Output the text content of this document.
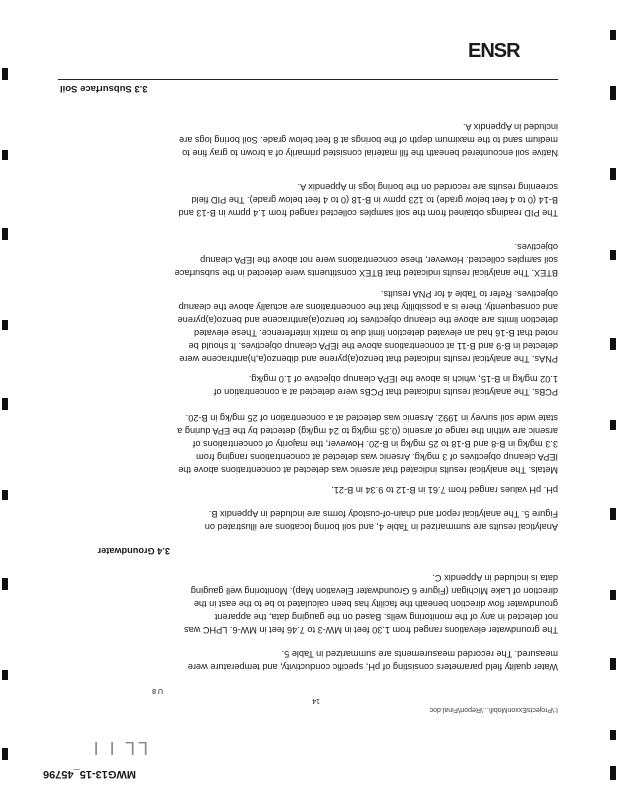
ENSR
3.3 Subsurface Soil
MWG13-15_45796
LL I I
I:\ProjectsExxonMobil\...\Report\Final.doc
14
U 8
Native soil encountered beneath the fill material consisted primarily of a brown to gray fine to
medium sand to the maximum depth of the borings at 8 feet below grade. Soil boring logs are
included in Appendix A.
The PID readings obtained from the soil samples collected ranged from 1.4 ppmv in B-13 and
B-14 (0 to 4 feet below grade) to 123 ppmv in B-18 (0 to 4 feet below grade). The PID field
screening results are recorded on the boring logs in Appendix A.
BTEX. The analytical results indicated that BTEX constituents were detected in the subsurface
soil samples collected. However, these concentrations were not above the IEPA cleanup
objectives.
PNAs. The analytical results indicated that benzo(a)pyrene and dibenzo(a,h)anthracene were
detected in B-9 and B-11 at concentrations above the IEPA cleanup objectives. It should be
noted that B-16 had an elevated detection limit due to matrix interference. These elevated
detection limits are above the cleanup objectives for benzo(a)anthracene and benzo(a)pyrene
and consequently, there is a possibility that the concentrations are actually above the cleanup
objectives. Refer to Table 4 for PNA results.
PCBs. The analytical results indicated that PCBs were detected at a concentration of
1.02 mg/kg in B-15, which is above the IEPA cleanup objective of 1.0 mg/kg.
Metals. The analytical results indicated that arsenic was detected at concentrations above the
IEPA cleanup objectives of 3 mg/kg. Arsenic was detected at concentrations ranging from
3.3 mg/kg in B-8 and B-18 to 25 mg/kg in B-20. However, the majority of concentrations of
arsenic are within the range of arsenic (0.35 mg/kg to 24 mg/kg) detected by the EPA during a
state wide soil survey in 1992. Arsenic was detected at a concentration of 25 mg/kg in B-20.
pH. pH values ranged from 7.61 in B-12 to 9.34 in B-21.
Analytical results are summarized in Table 4, and soil boring locations are illustrated on
Figure 5. The analytical report and chain-of-custody forms are included in Appendix B.
3.4 Groundwater
The groundwater elevations ranged from 1.30 feet in MW-3 to 7.46 feet in MW-6. LPHC was
not detected in any of the monitoring wells. Based on the gauging data, the apparent
groundwater flow direction beneath the facility has been calculated to be to the east in the
direction of Lake Michigan (Figure 6 Groundwater Elevation Map). Monitoring well gauging
data is included in Appendix C.
Water quality field parameters consisting of pH, specific conductivity, and temperature were
measured. The recorded measurements are summarized in Table 5.
